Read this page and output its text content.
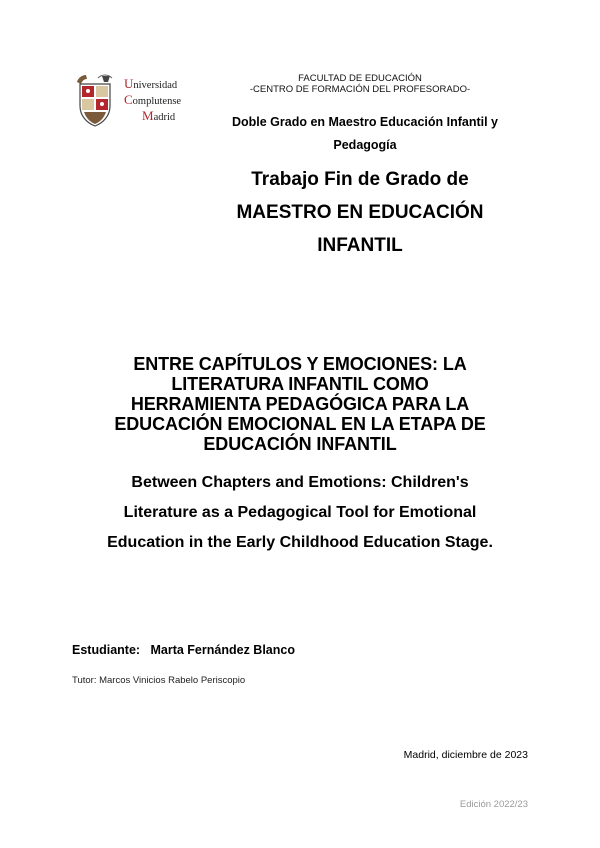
Universidad
Complutense
Madrid
FACULTAD DE EDUCACIÓN
-CENTRO DE FORMACIÓN DEL PROFESORADO-
Doble Grado en Maestro Educación Infantil y
Pedagogía
Trabajo Fin de Grado de
MAESTRO EN EDUCACIÓN
INFANTIL
ENTRE CAPÍTULOS Y EMOCIONES: LA
LITERATURA INFANTIL COMO
HERRAMIENTA PEDAGÓGICA PARA LA
EDUCACIÓN EMOCIONAL EN LA ETAPA DE
EDUCACIÓN INFANTIL
Between Chapters and Emotions: Children's
Literature as a Pedagogical Tool for Emotional
Education in the Early Childhood Education Stage.
Estudiante: Marta Fernández Blanco
Tutor: Marcos Vinicios Rabelo Periscopio
Madrid, diciembre de 2023
Edición 2022/23
